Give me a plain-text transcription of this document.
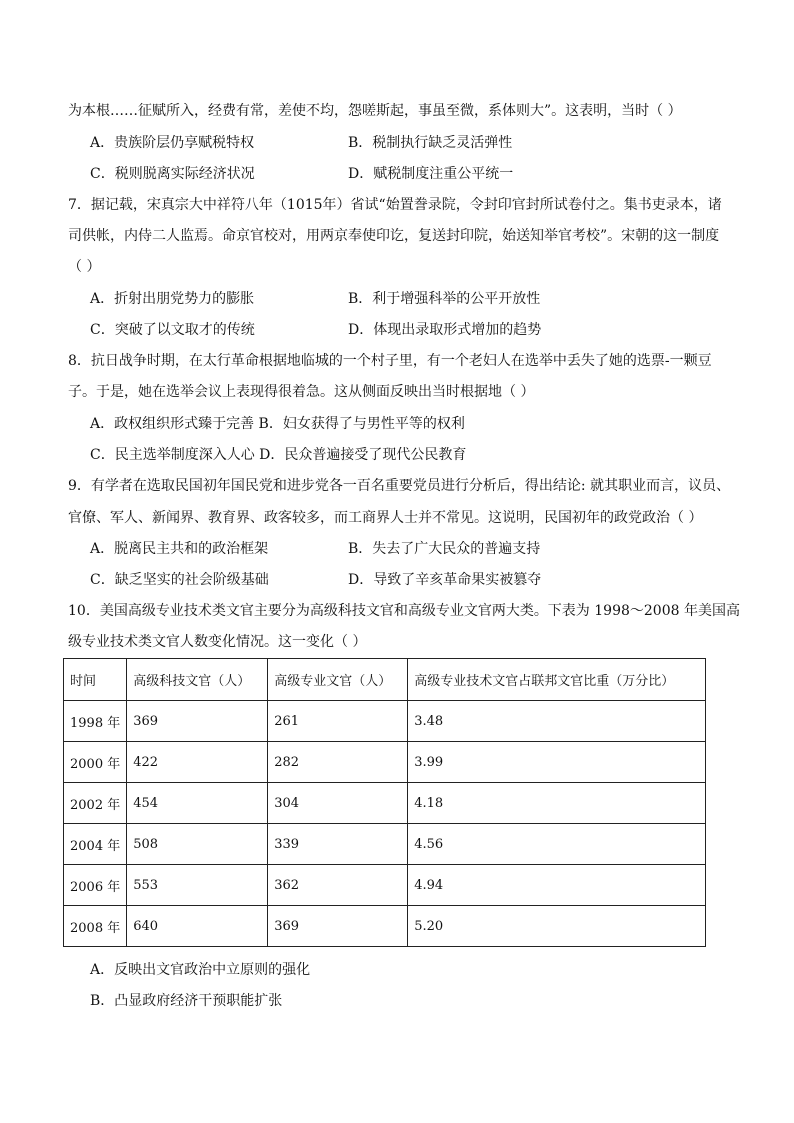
为本根……征赋所入，经费有常，差使不均，怨嗟斯起，事虽至微，系体则大”。这表明，当时（ ）
A．贵族阶层仍享赋税特权	B．税制执行缺乏灵活弹性
C．税则脱离实际经济状况	D．赋税制度注重公平统一
7．据记载，宋真宗大中祥符八年（1015年）省试“始置誊录院，令封印官封所试卷付之。集书吏录本，诸
司供帐，内侍二人监焉。命京官校对，用两京奉使印讫，复送封印院，始送知举官考校”。宋朝的这一制度
（ ）
A．折射出朋党势力的膨胀	B．利于增强科举的公平开放性
C．突破了以文取才的传统	D．体现出录取形式增加的趋势
8．抗日战争时期，在太行革命根据地临城的一个村子里，有一个老妇人在选举中丢失了她的选票-一颗豆
子。于是，她在选举会议上表现得很着急。这从侧面反映出当时根据地（ ）
A．政权组织形式臻于完善 B．妇女获得了与男性平等的权利
C．民主选举制度深入人心 D．民众普遍接受了现代公民教育
9．有学者在选取民国初年国民党和进步党各一百名重要党员进行分析后，得出结论: 就其职业而言，议员、
官僚、军人、新闻界、教育界、政客较多，而工商界人士并不常见。这说明，民国初年的政党政治（ ）
A．脱离民主共和的政治框架	B．失去了广大民众的普遍支持
C．缺乏坚实的社会阶级基础	D．导致了辛亥革命果实被篡夺
10．美国高级专业技术类文官主要分为高级科技文官和高级专业文官两大类。下表为 1998～2008 年美国高
级专业技术类文官人数变化情况。这一变化（ ）
时间	高级科技文官（人）	高级专业文官（人）	高级专业技术文官占联邦文官比重（万分比）
1998 年	369	261	3.48
2000 年	422	282	3.99
2002 年	454	304	4.18
2004 年	508	339	4.56
2006 年	553	362	4.94
2008 年	640	369	5.20
A．反映出文官政治中立原则的强化
B．凸显政府经济干预职能扩张
